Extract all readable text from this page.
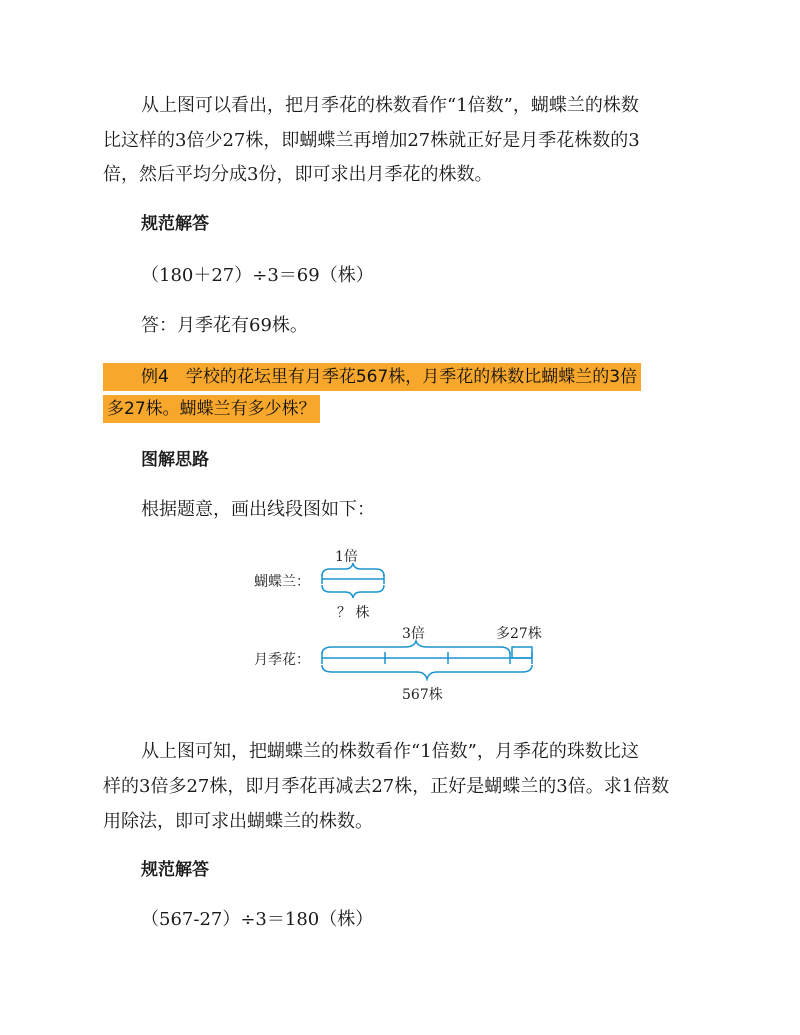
从上图可以看出，把月季花的株数看作“1倍数”，蝴蝶兰的株数
比这样的3倍少27株，即蝴蝶兰再增加27株就正好是月季花株数的3
倍，然后平均分成3份，即可求出月季花的株数。
规范解答
（180＋27）÷3＝69（株）
答：月季花有69株。
例4　学校的花坛里有月季花567株，月季花的株数比蝴蝶兰的3倍
多27株。蝴蝶兰有多少株？
图解思路
根据题意，画出线段图如下：
1倍
蝴蝶兰：
？ 株
3倍	多27株
月季花：
567株
从上图可知，把蝴蝶兰的株数看作“1倍数”，月季花的珠数比这
样的3倍多27株，即月季花再减去27株，正好是蝴蝶兰的3倍。求1倍数
用除法，即可求出蝴蝶兰的株数。
规范解答
（567-27）÷3＝180（株）
